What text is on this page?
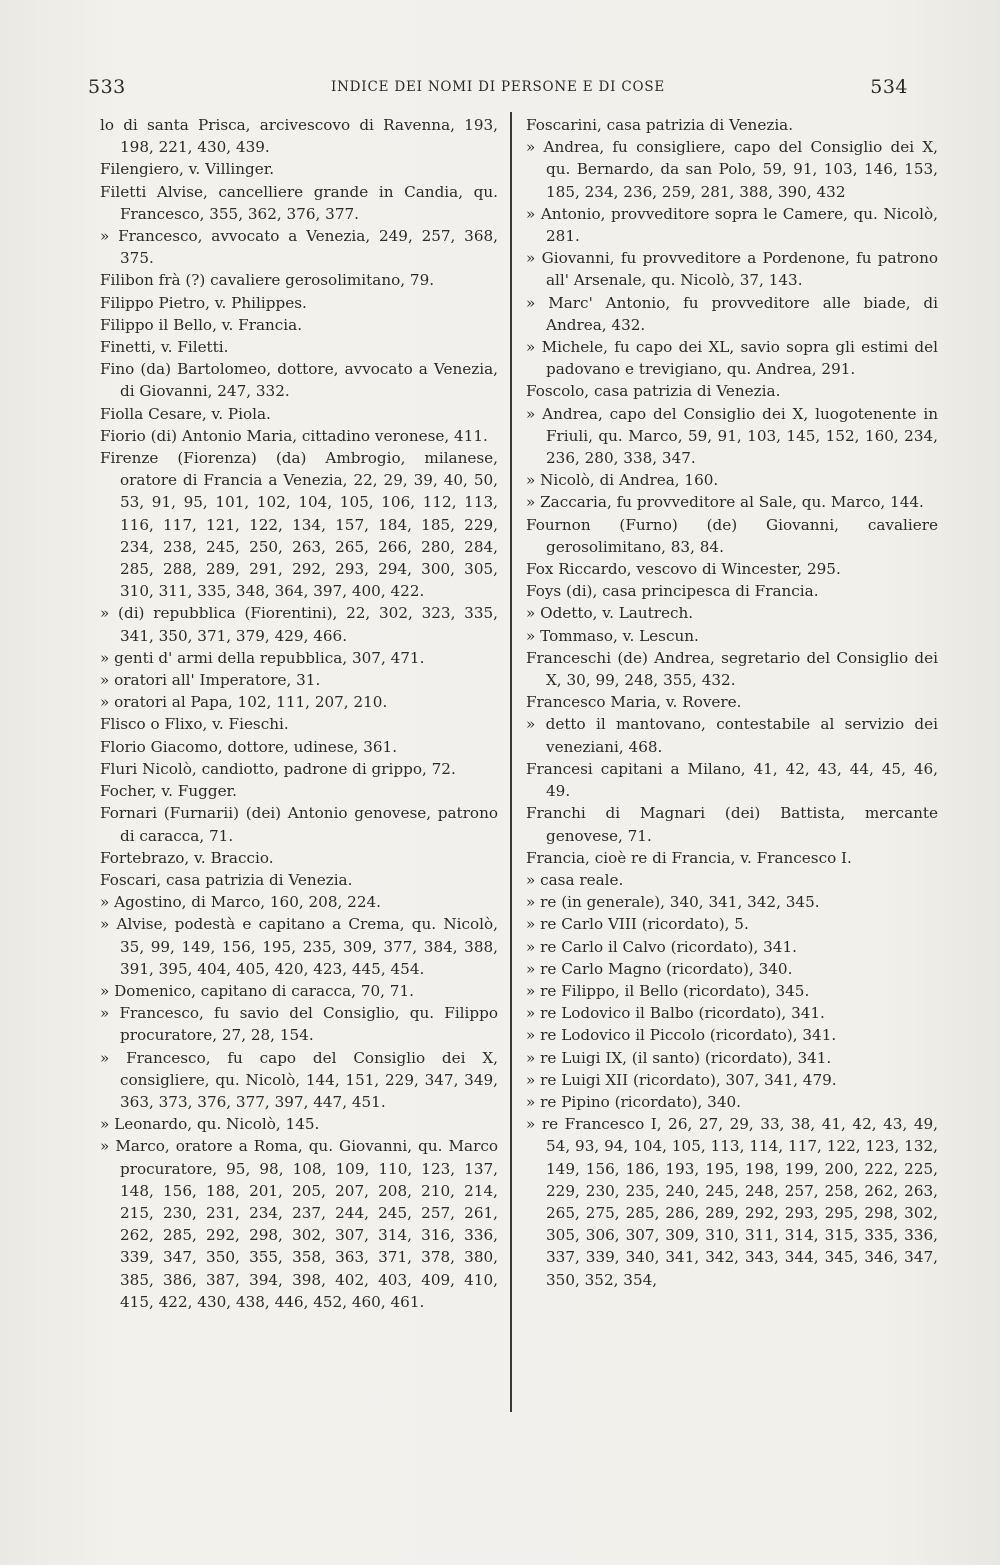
533	INDICE DEI NOMI DI PERSONE E DI COSE	534
lo di santa Prisca, arcivescovo di Ravenna, 193, 198, 221, 430, 439.
Filengiero, v. Villinger.
Filetti Alvise, cancelliere grande in Candia, qu. Francesco, 355, 362, 376, 377.
» Francesco, avvocato a Venezia, 249, 257, 368, 375.
Filibon frà (?) cavaliere gerosolimitano, 79.
Filippo Pietro, v. Philippes.
Filippo il Bello, v. Francia.
Finetti, v. Filetti.
Fino (da) Bartolomeo, dottore, avvocato a Venezia, di Giovanni, 247, 332.
Fiolla Cesare, v. Piola.
Fiorio (di) Antonio Maria, cittadino veronese, 411.
Firenze (Fiorenza) (da) Ambrogio, milanese, oratore di Francia a Venezia, 22, 29, 39, 40, 50, 53, 91, 95, 101, 102, 104, 105, 106, 112, 113, 116, 117, 121, 122, 134, 157, 184, 185, 229, 234, 238, 245, 250, 263, 265, 266, 280, 284, 285, 288, 289, 291, 292, 293, 294, 300, 305, 310, 311, 335, 348, 364, 397, 400, 422.
» (di) repubblica (Fiorentini), 22, 302, 323, 335, 341, 350, 371, 379, 429, 466.
» genti d' armi della repubblica, 307, 471.
» oratori all' Imperatore, 31.
» oratori al Papa, 102, 111, 207, 210.
Flisco o Flixo, v. Fieschi.
Florio Giacomo, dottore, udinese, 361.
Fluri Nicolò, candiotto, padrone di grippo, 72.
Focher, v. Fugger.
Fornari (Furnarii) (dei) Antonio genovese, patrono di caracca, 71.
Fortebrazo, v. Braccio.
Foscari, casa patrizia di Venezia.
» Agostino, di Marco, 160, 208, 224.
» Alvise, podestà e capitano a Crema, qu. Nicolò, 35, 99, 149, 156, 195, 235, 309, 377, 384, 388, 391, 395, 404, 405, 420, 423, 445, 454.
» Domenico, capitano di caracca, 70, 71.
» Francesco, fu savio del Consiglio, qu. Filippo procuratore, 27, 28, 154.
» Francesco, fu capo del Consiglio dei X, consigliere, qu. Nicolò, 144, 151, 229, 347, 349, 363, 373, 376, 377, 397, 447, 451.
» Leonardo, qu. Nicolò, 145.
» Marco, oratore a Roma, qu. Giovanni, qu. Marco procuratore, 95, 98, 108, 109, 110, 123, 137, 148, 156, 188, 201, 205, 207, 208, 210, 214, 215, 230, 231, 234, 237, 244, 245, 257, 261, 262, 285, 292, 298, 302, 307, 314, 316, 336, 339, 347, 350, 355, 358, 363, 371, 378, 380, 385, 386, 387, 394, 398, 402, 403, 409, 410, 415, 422, 430, 438, 446, 452, 460, 461.
Foscarini, casa patrizia di Venezia.
» Andrea, fu consigliere, capo del Consiglio dei X, qu. Bernardo, da san Polo, 59, 91, 103, 146, 153, 185, 234, 236, 259, 281, 388, 390, 432
» Antonio, provveditore sopra le Camere, qu. Nicolò, 281.
» Giovanni, fu provveditore a Pordenone, fu patrono all' Arsenale, qu. Nicolò, 37, 143.
» Marc' Antonio, fu provveditore alle biade, di Andrea, 432.
» Michele, fu capo dei XL, savio sopra gli estimi del padovano e trevigiano, qu. Andrea, 291.
Foscolo, casa patrizia di Venezia.
» Andrea, capo del Consiglio dei X, luogotenente in Friuli, qu. Marco, 59, 91, 103, 145, 152, 160, 234, 236, 280, 338, 347.
» Nicolò, di Andrea, 160.
» Zaccaria, fu provveditore al Sale, qu. Marco, 144.
Fournon (Furno) (de) Giovanni, cavaliere gerosolimitano, 83, 84.
Fox Riccardo, vescovo di Wincester, 295.
Foys (di), casa principesca di Francia.
» Odetto, v. Lautrech.
» Tommaso, v. Lescun.
Franceschi (de) Andrea, segretario del Consiglio dei X, 30, 99, 248, 355, 432.
Francesco Maria, v. Rovere.
» detto il mantovano, contestabile al servizio dei veneziani, 468.
Francesi capitani a Milano, 41, 42, 43, 44, 45, 46, 49.
Franchi di Magnari (dei) Battista, mercante genovese, 71.
Francia, cioè re di Francia, v. Francesco I.
» casa reale.
» re (in generale), 340, 341, 342, 345.
» re Carlo VIII (ricordato), 5.
» re Carlo il Calvo (ricordato), 341.
» re Carlo Magno (ricordato), 340.
» re Filippo, il Bello (ricordato), 345.
» re Lodovico il Balbo (ricordato), 341.
» re Lodovico il Piccolo (ricordato), 341.
» re Luigi IX, (il santo) (ricordato), 341.
» re Luigi XII (ricordato), 307, 341, 479.
» re Pipino (ricordato), 340.
» re Francesco I, 26, 27, 29, 33, 38, 41, 42, 43, 49, 54, 93, 94, 104, 105, 113, 114, 117, 122, 123, 132, 149, 156, 186, 193, 195, 198, 199, 200, 222, 225, 229, 230, 235, 240, 245, 248, 257, 258, 262, 263, 265, 275, 285, 286, 289, 292, 293, 295, 298, 302, 305, 306, 307, 309, 310, 311, 314, 315, 335, 336, 337, 339, 340, 341, 342, 343, 344, 345, 346, 347, 350, 352, 354,
